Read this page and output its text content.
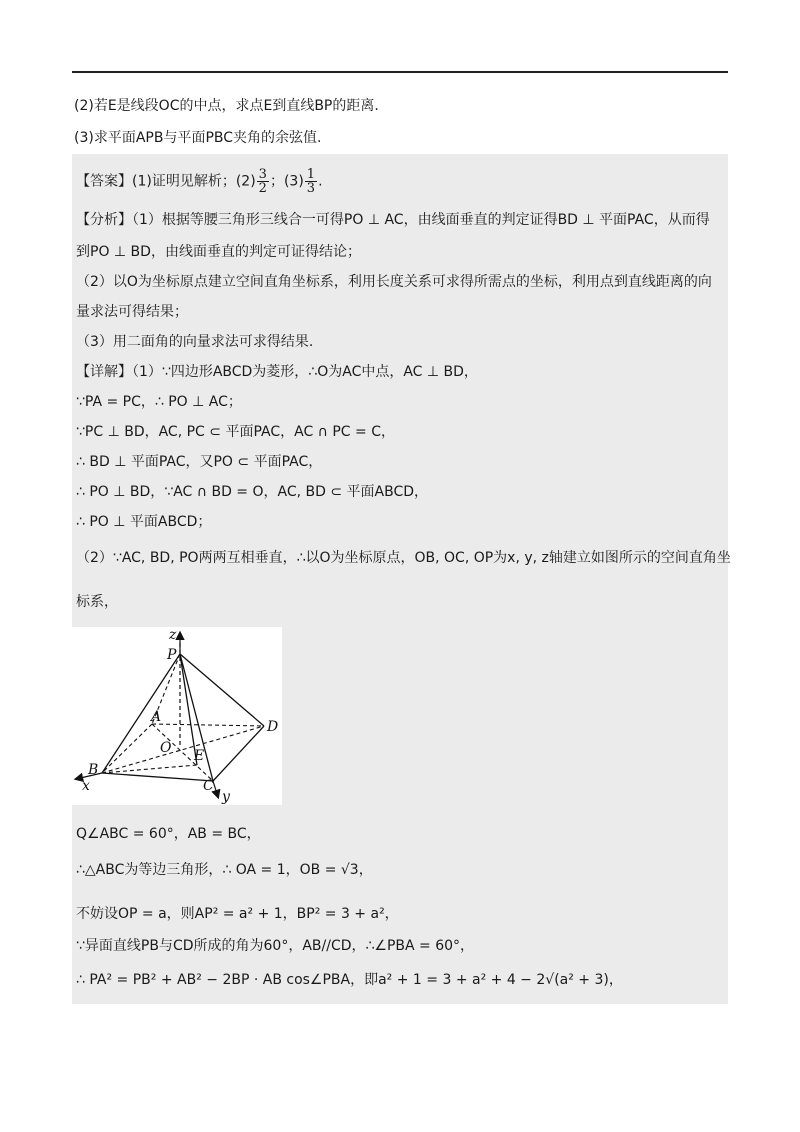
(2)若E是线段OC的中点，求点E到直线BP的距离.
(3)求平面APB与平面PBC夹角的余弦值.
【答案】(1)证明见解析；$(2) \frac{3}{2}$ ；$(3) \frac{1}{3}$ .
【分析】（1）根据等腰三角形三线合一可得PO ⊥ AC，由线面垂直的判定证得BD ⊥ 平面PAC，从而得
到PO ⊥ BD，由线面垂直的判定可证得结论；
（2）以O为坐标原点建立空间直角坐标系，利用长度关系可求得所需点的坐标，利用点到直线距离的向
量求法可得结果；
（3）用二面角的向量求法可求得结果.
【详解】（1）∵四边形ABCD为菱形，∴O为AC中点，AC ⊥ BD，
∵PA = PC，∴ PO ⊥ AC；
∵PC ⊥ BD，AC, PC ⊂ 平面PAC，AC ∩ PC = C，
∴ BD ⊥ 平面PAC，又PO ⊂ 平面PAC，
∴ PO ⊥ BD，∵AC ∩ BD = O，AC, BD ⊂ 平面ABCD，
∴ PO ⊥ 平面ABCD；
（2）∵AC, BD, PO两两互相垂直，∴以O为坐标原点，OB, OC, OP为x, y, z轴建立如图所示的空间直角坐
标系，
z
P
A
D
O E
B
x	C
y
Q∠ABC = 60°，AB = BC，
∴△ABC为等边三角形，∴ OA = 1，OB = √3，
不妨设OP = a，则AP² = a² + 1，BP² = 3 + a²，
∵异面直线PB与CD所成的角为60°，AB//CD，∴∠PBA = 60°，
∴ PA² = PB² + AB² − 2BP · AB cos∠PBA，即a² + 1 = 3 + a² + 4 − 2√(a² + 3)，
